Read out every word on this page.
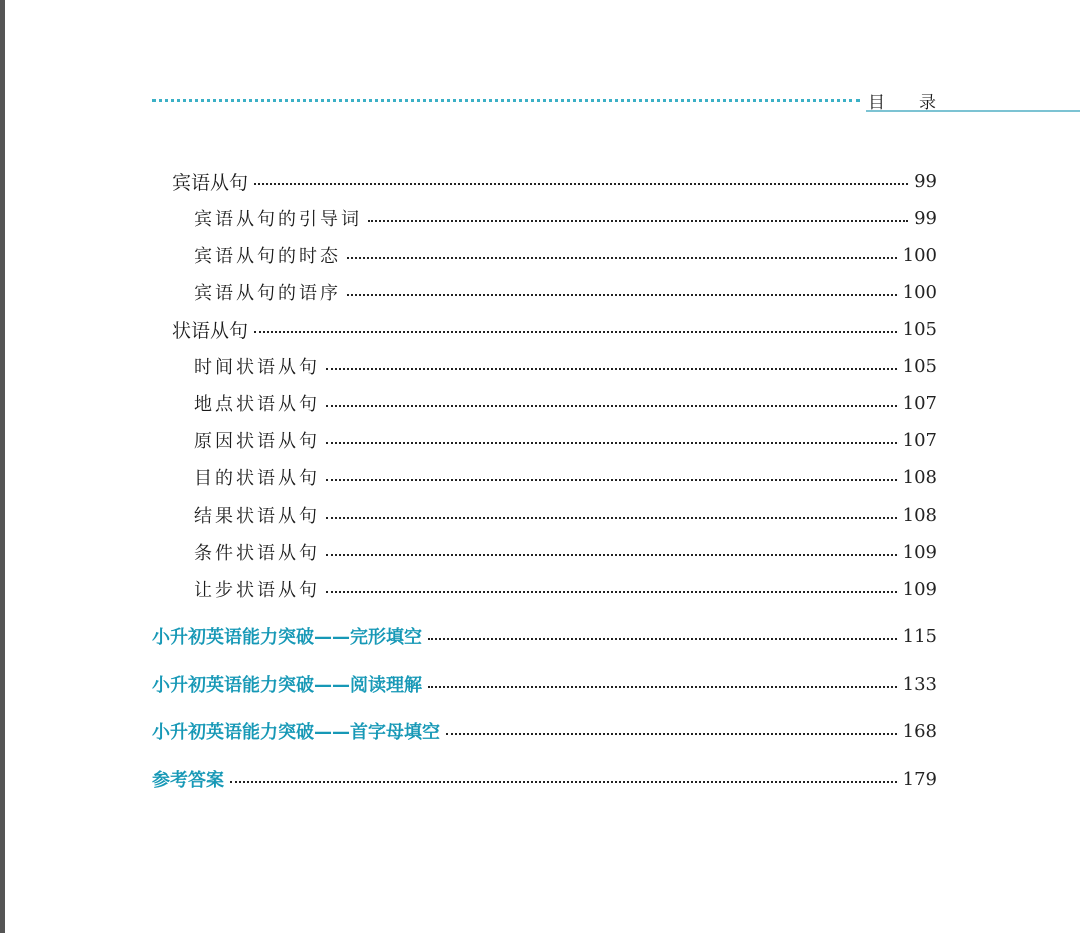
目录
宾语从句	99
宾语从句的引导词	99
宾语从句的时态	100
宾语从句的语序	100
状语从句	105
时间状语从句	105
地点状语从句	107
原因状语从句	107
目的状语从句	108
结果状语从句	108
条件状语从句	109
让步状语从句	109
小升初英语能力突破——完形填空	115
小升初英语能力突破——阅读理解	133
小升初英语能力突破——首字母填空	168
参考答案	179
